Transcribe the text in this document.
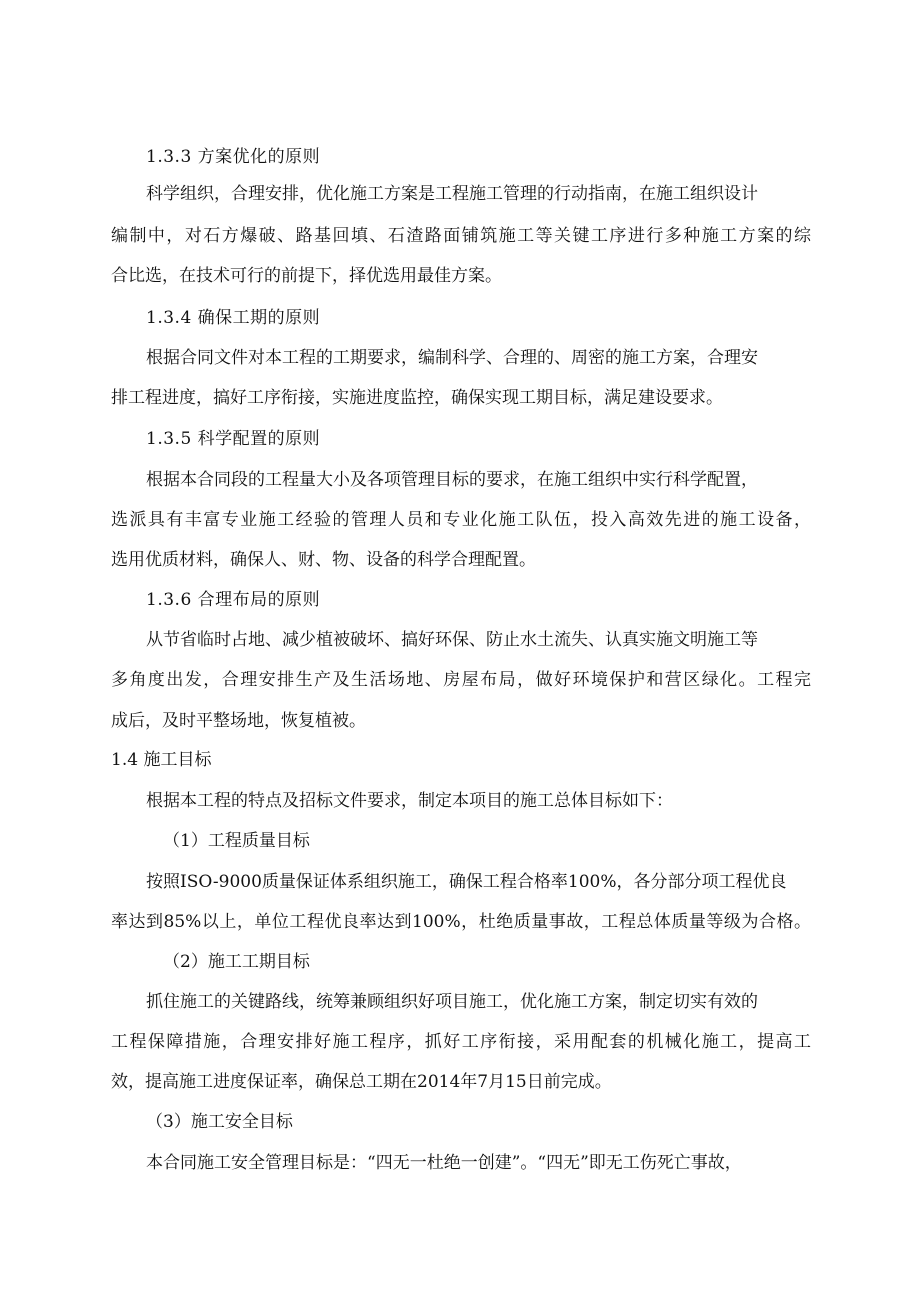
1.3.3 方案优化的原则
科学组织，合理安排，优化施工方案是工程施工管理的行动指南，在施工组织设计
编制中，对石方爆破、路基回填、石渣路面铺筑施工等关键工序进行多种施工方案的综
合比选，在技术可行的前提下，择优选用最佳方案。
1.3.4 确保工期的原则
根据合同文件对本工程的工期要求，编制科学、合理的、周密的施工方案，合理安
排工程进度，搞好工序衔接，实施进度监控，确保实现工期目标，满足建设要求。
1.3.5 科学配置的原则
根据本合同段的工程量大小及各项管理目标的要求，在施工组织中实行科学配置，
选派具有丰富专业施工经验的管理人员和专业化施工队伍，投入高效先进的施工设备，
选用优质材料，确保人、财、物、设备的科学合理配置。
1.3.6 合理布局的原则
从节省临时占地、减少植被破坏、搞好环保、防止水土流失、认真实施文明施工等
多角度出发，合理安排生产及生活场地、房屋布局，做好环境保护和营区绿化。工程完
成后，及时平整场地，恢复植被。
1.4 施工目标
根据本工程的特点及招标文件要求，制定本项目的施工总体目标如下：
（1）工程质量目标
按照ISO-9000质量保证体系组织施工，确保工程合格率100%，各分部分项工程优良
率达到85%以上，单位工程优良率达到100%，杜绝质量事故，工程总体质量等级为合格。
（2）施工工期目标
抓住施工的关键路线，统筹兼顾组织好项目施工，优化施工方案，制定切实有效的
工程保障措施，合理安排好施工程序，抓好工序衔接，采用配套的机械化施工，提高工
效，提高施工进度保证率，确保总工期在2014年7月15日前完成。
（3）施工安全目标
本合同施工安全管理目标是：“四无一杜绝一创建”。“四无”即无工伤死亡事故，
